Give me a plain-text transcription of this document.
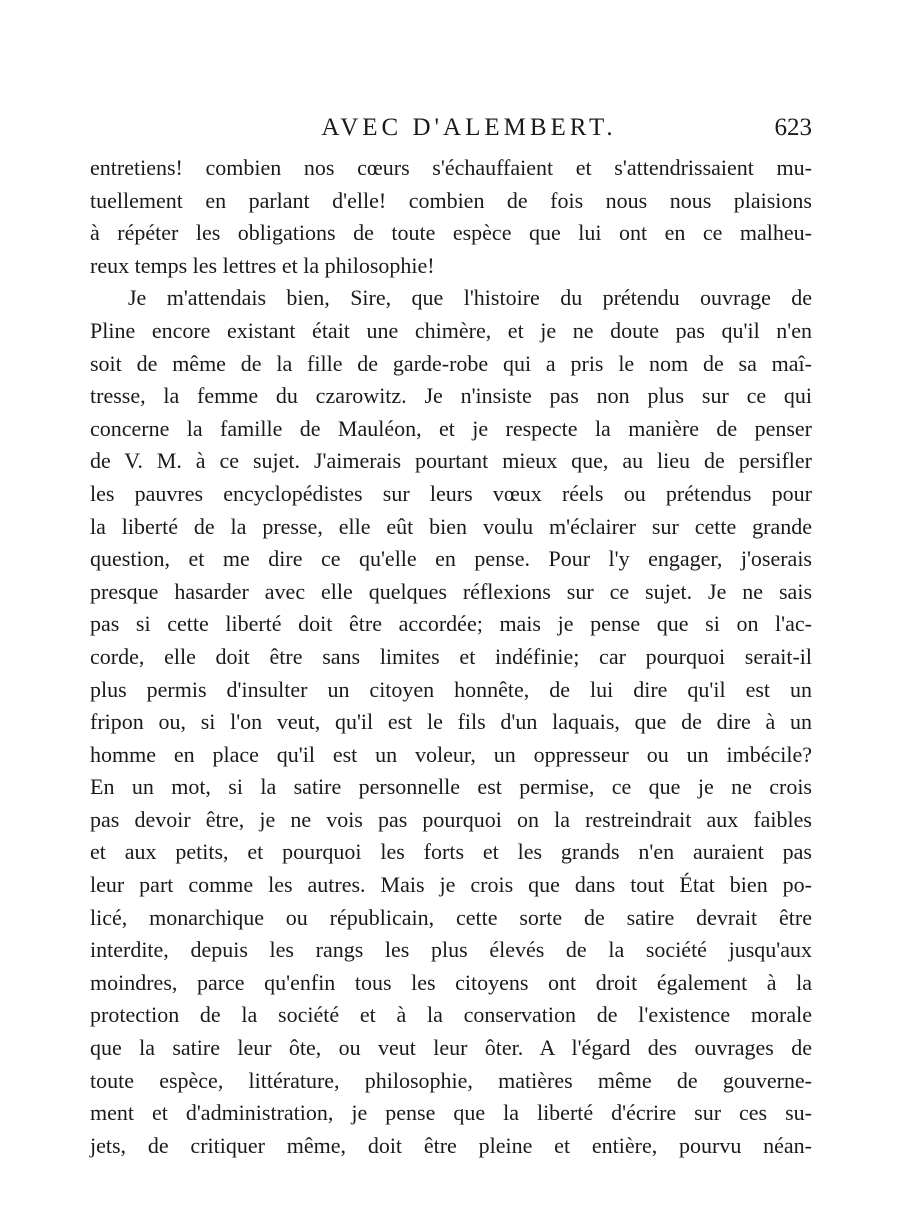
AVEC D'ALEMBERT.	623
entretiens! combien nos cœurs s'échauffaient et s'attendrissaient mu-
tuellement en parlant d'elle! combien de fois nous nous plaisions
à répéter les obligations de toute espèce que lui ont en ce malheu-
reux temps les lettres et la philosophie!
Je m'attendais bien, Sire, que l'histoire du prétendu ouvrage de
Pline encore existant était une chimère, et je ne doute pas qu'il n'en
soit de même de la fille de garde-robe qui a pris le nom de sa maî-
tresse, la femme du czarowitz. Je n'insiste pas non plus sur ce qui
concerne la famille de Mauléon, et je respecte la manière de penser
de V. M. à ce sujet. J'aimerais pourtant mieux que, au lieu de persifler
les pauvres encyclopédistes sur leurs vœux réels ou prétendus pour
la liberté de la presse, elle eût bien voulu m'éclairer sur cette grande
question, et me dire ce qu'elle en pense. Pour l'y engager, j'oserais
presque hasarder avec elle quelques réflexions sur ce sujet. Je ne sais
pas si cette liberté doit être accordée; mais je pense que si on l'ac-
corde, elle doit être sans limites et indéfinie; car pourquoi serait-il
plus permis d'insulter un citoyen honnête, de lui dire qu'il est un
fripon ou, si l'on veut, qu'il est le fils d'un laquais, que de dire à un
homme en place qu'il est un voleur, un oppresseur ou un imbécile?
En un mot, si la satire personnelle est permise, ce que je ne crois
pas devoir être, je ne vois pas pourquoi on la restreindrait aux faibles
et aux petits, et pourquoi les forts et les grands n'en auraient pas
leur part comme les autres. Mais je crois que dans tout État bien po-
licé, monarchique ou républicain, cette sorte de satire devrait être
interdite, depuis les rangs les plus élevés de la société jusqu'aux
moindres, parce qu'enfin tous les citoyens ont droit également à la
protection de la société et à la conservation de l'existence morale
que la satire leur ôte, ou veut leur ôter. A l'égard des ouvrages de
toute espèce, littérature, philosophie, matières même de gouverne-
ment et d'administration, je pense que la liberté d'écrire sur ces su-
jets, de critiquer même, doit être pleine et entière, pourvu néan-
